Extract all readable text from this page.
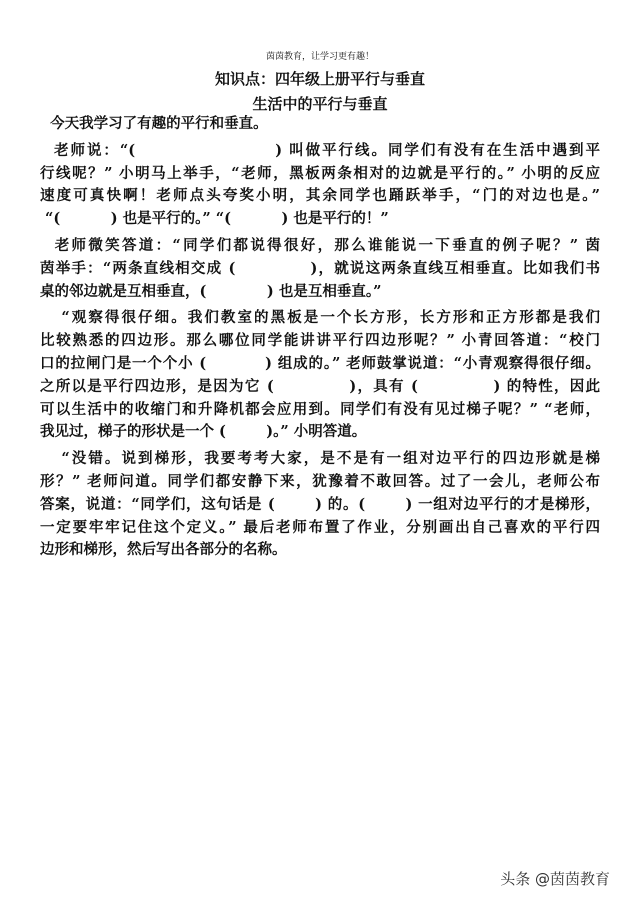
茵茵教育，让学习更有趣！
知识点：四年级上册平行与垂直
生活中的平行与垂直
今天我学习了有趣的平行和垂直。
老师说：“(                    ) 叫做平行线。同学们有没有在生活中遇到平
行线呢？” 小明马上举手，“老师，黑板两条相对的边就是平行的。” 小明的反应
速度可真快啊！老师点头夸奖小明，其余同学也踊跃举手，“门的对边也是。”
“(          ) 也是平行的。” “(          ) 也是平行的！”
老师微笑答道：“同学们都说得很好，那么谁能说一下垂直的例子呢？” 茵
茵举手：“两条直线相交成 (            )，就说这两条直线互相垂直。比如我们书
桌的邻边就是互相垂直，(            ) 也是互相垂直。”
“观察得很仔细。我们教室的黑板是一个长方形，长方形和正方形都是我们
比较熟悉的四边形。那么哪位同学能讲讲平行四边形呢？” 小青回答道：“校门
口的拉闸门是一个个小 (          ) 组成的。” 老师鼓掌说道：“小青观察得很仔细。
之所以是平行四边形，是因为它 (            )，具有 (            ) 的特性，因此
可以生活中的收缩门和升降机都会应用到。同学们有没有见过梯子呢？” “老师，
我见过，梯子的形状是一个 (        )。” 小明答道。
“没错。说到梯形，我要考考大家，是不是有一组对边平行的四边形就是梯
形？” 老师问道。同学们都安静下来，犹豫着不敢回答。过了一会儿，老师公布
答案，说道：“同学们，这句话是 (       ) 的。(       ) 一组对边平行的才是梯形，
一定要牢牢记住这个定义。” 最后老师布置了作业，分别画出自己喜欢的平行四
边形和梯形，然后写出各部分的名称。
头条 @茵茵教育
